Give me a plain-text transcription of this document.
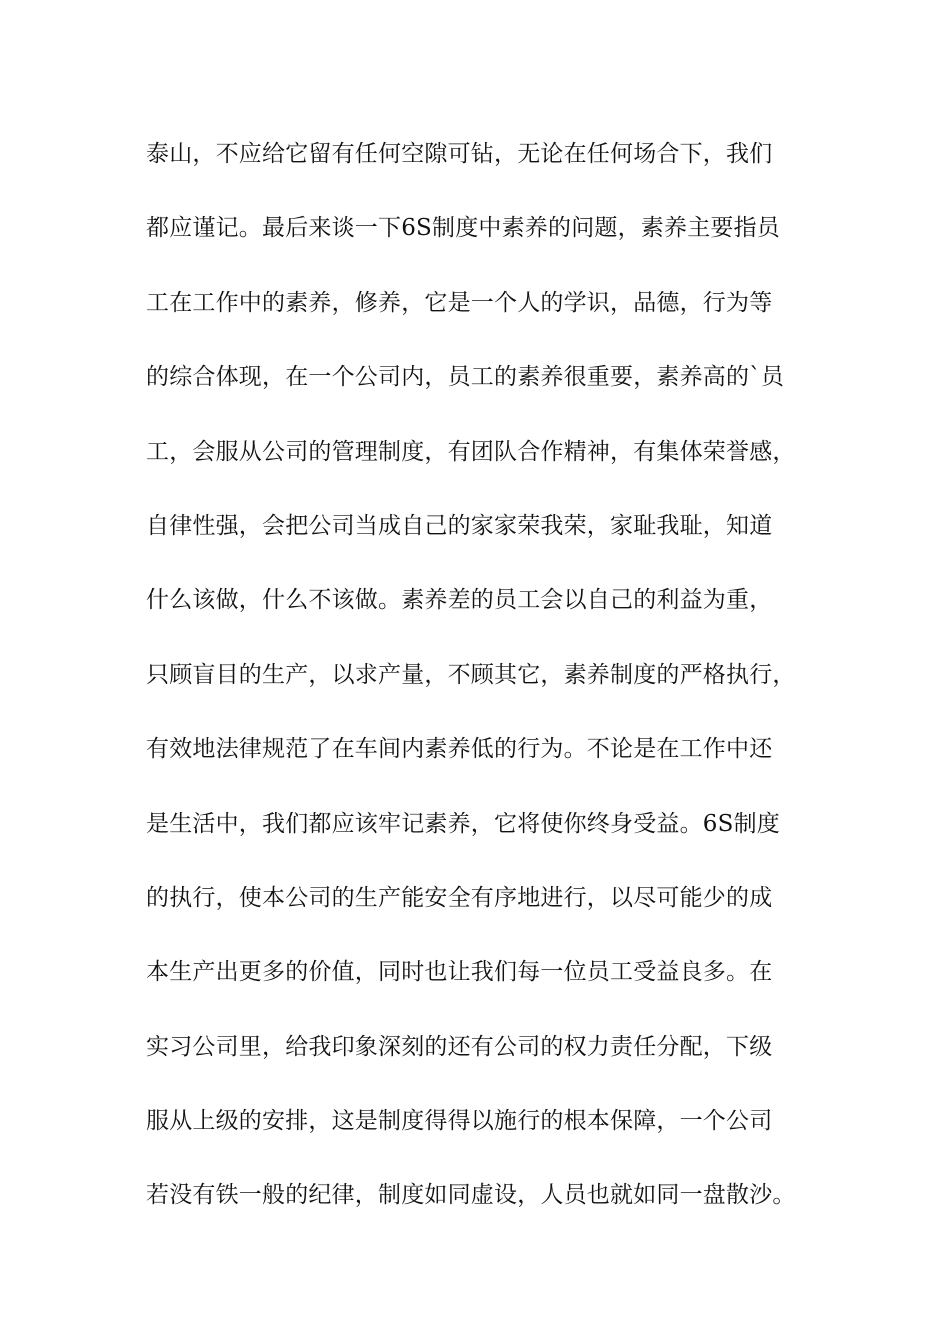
泰山，不应给它留有任何空隙可钻，无论在任何场合下，我们
都应谨记。最后来谈一下6S制度中素养的问题，素养主要指员
工在工作中的素养，修养，它是一个人的学识，品德，行为等
的综合体现，在一个公司内，员工的素养很重要，素养高的`员
工，会服从公司的管理制度，有团队合作精神，有集体荣誉感，
自律性强，会把公司当成自己的家家荣我荣，家耻我耻，知道
什么该做，什么不该做。素养差的员工会以自己的利益为重，
只顾盲目的生产，以求产量，不顾其它，素养制度的严格执行，
有效地法律规范了在车间内素养低的行为。不论是在工作中还
是生活中，我们都应该牢记素养，它将使你终身受益。6S制度
的执行，使本公司的生产能安全有序地进行，以尽可能少的成
本生产出更多的价值，同时也让我们每一位员工受益良多。在
实习公司里，给我印象深刻的还有公司的权力责任分配，下级
服从上级的安排，这是制度得得以施行的根本保障，一个公司
若没有铁一般的纪律，制度如同虚设，人员也就如同一盘散沙。
